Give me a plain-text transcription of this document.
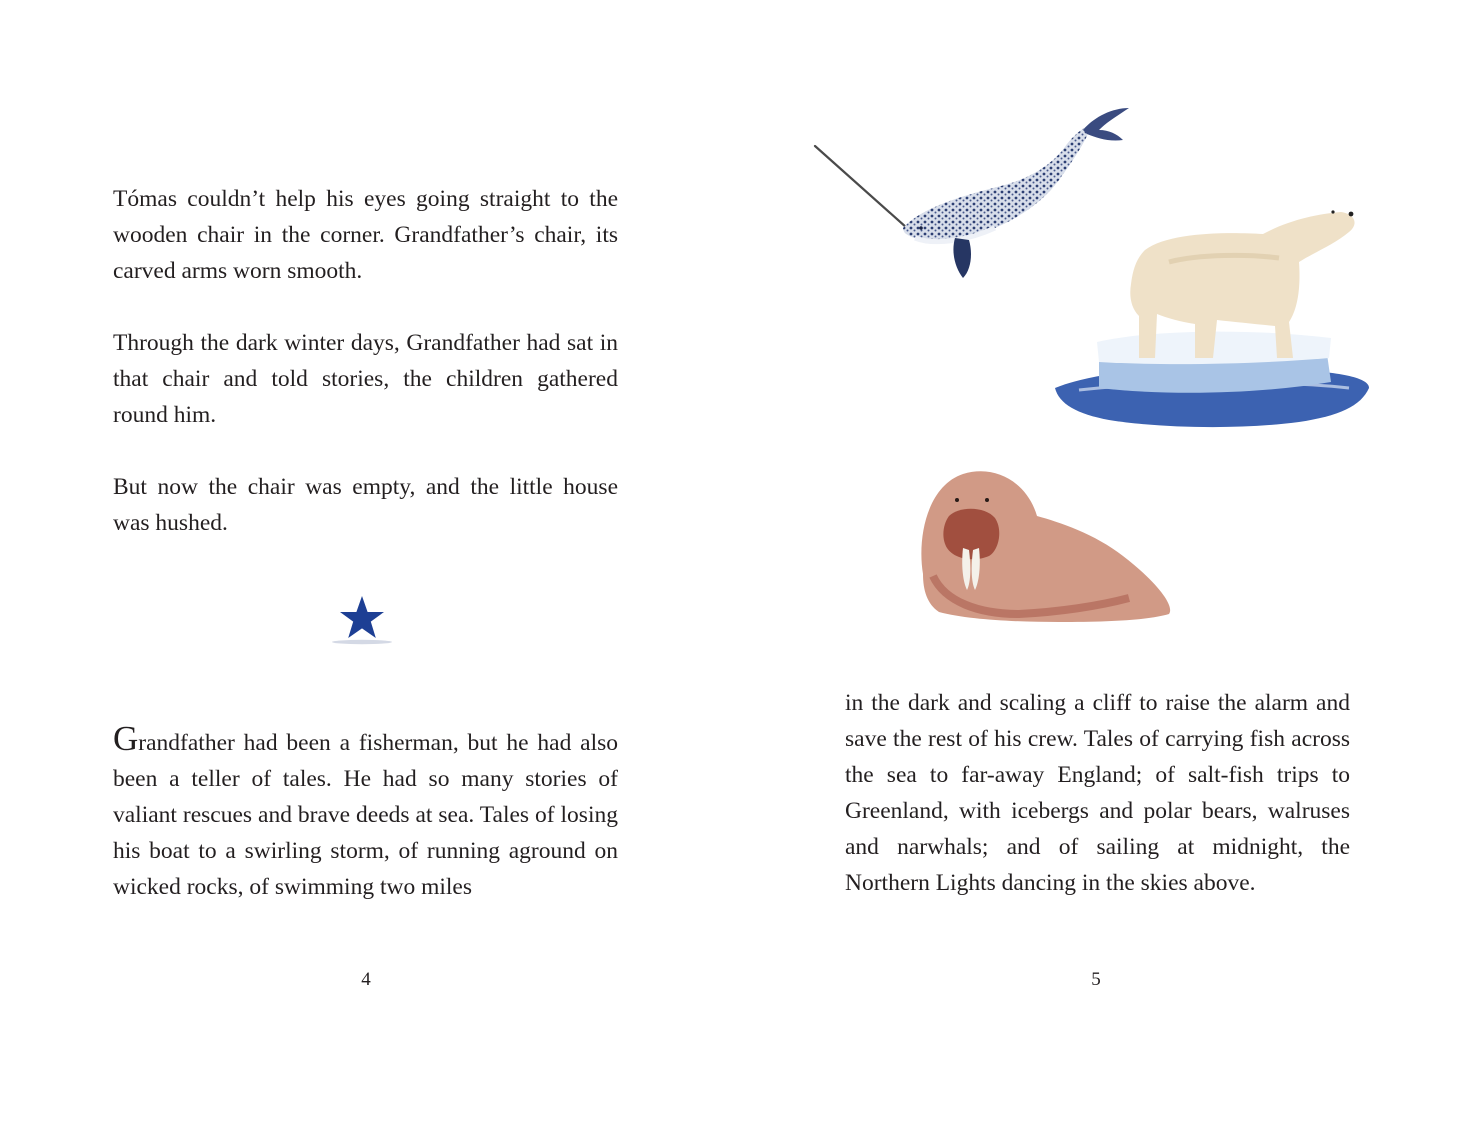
Tómas couldn’t help his eyes going straight to the wooden chair in the corner. Grandfather’s chair, its carved arms worn smooth.

Through the dark winter days, Grandfather had sat in that chair and told stories, the children gathered round him.

But now the chair was empty, and the little house was hushed.

Grandfather had been a fisherman, but he had also been a teller of tales. He had so many stories of valiant rescues and brave deeds at sea. Tales of losing his boat to a swirling storm, of running aground on wicked rocks, of swimming two miles

4

in the dark and scaling a cliff to raise the alarm and save the rest of his crew. Tales of carrying fish across the sea to far-away England; of salt-fish trips to Greenland, with icebergs and polar bears, walruses and narwhals; and of sailing at midnight, the Northern Lights dancing in the skies above.

5
